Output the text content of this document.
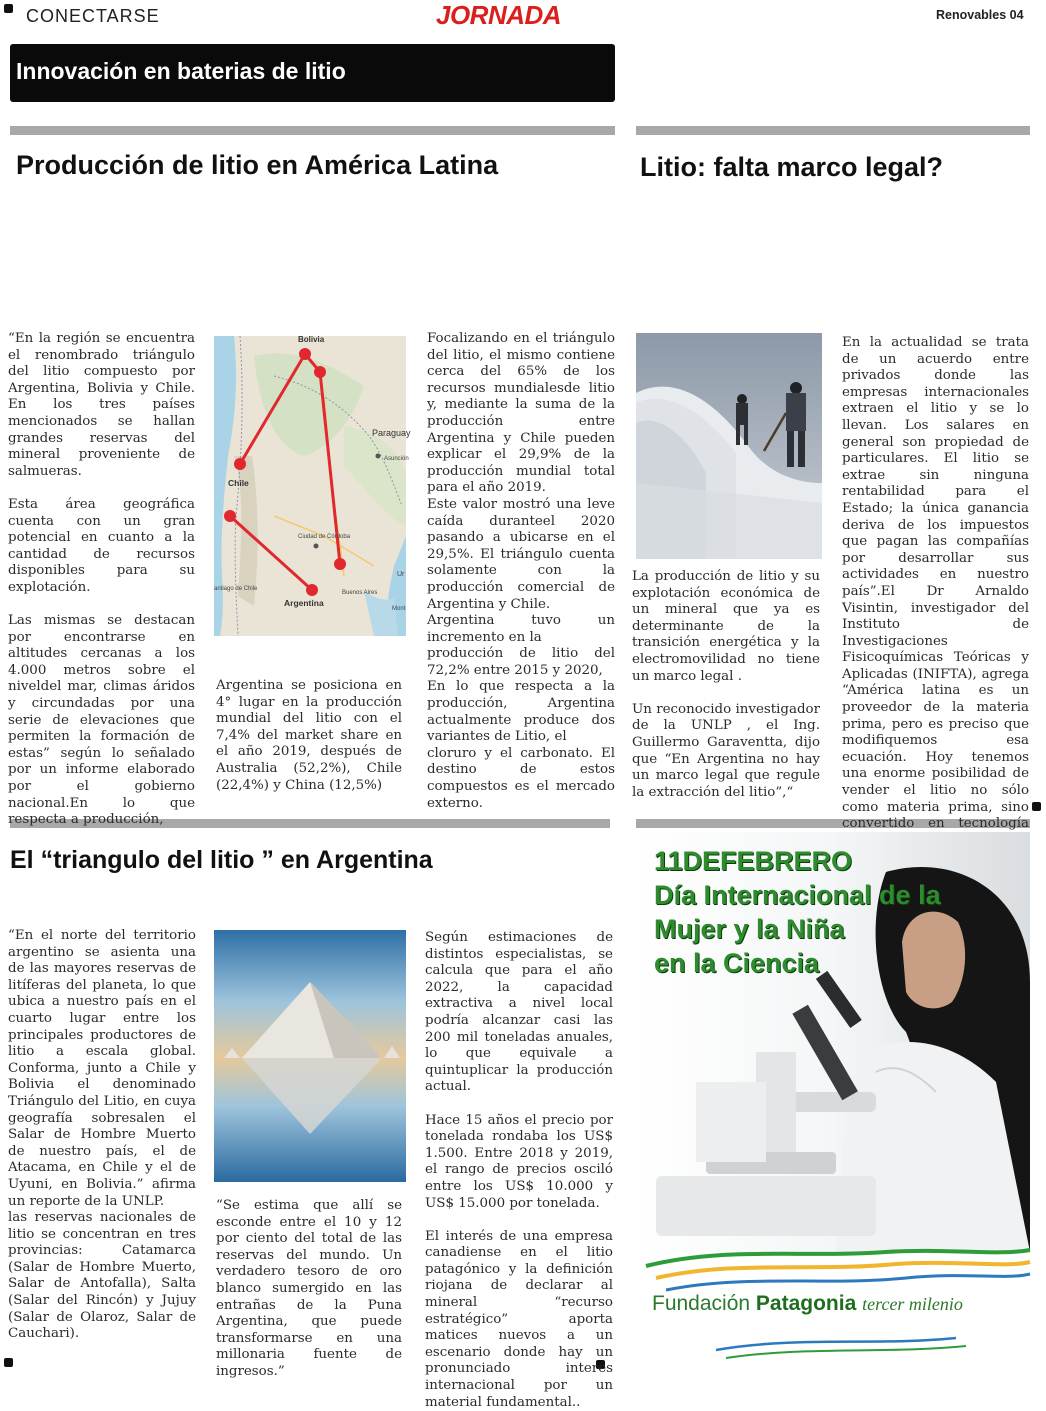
CONECTARSE	JORNADA	Renovables 04
Innovación en baterias de litio
Producción de litio en América Latina
“En la región se encuentra el renombrado triángulo del litio compuesto por Argentina, Bolivia y Chile. En los tres países mencionados se hallan grandes reservas del mineral proveniente de salmueras.

Esta área geográfica cuenta con un gran potencial en cuanto a la cantidad de recursos disponibles para su explotación.

Las mismas se destacan por encontrarse en altitudes cercanas a los 4.000 metros sobre el niveldel mar, climas áridos y circundadas por una serie de elevaciones que permiten la formación de estas” según lo señalado por un informe elaborado por el gobierno nacional.En lo que respecta a producción,
Bolivia
Paraguay
Asunción
Chile
Ciudad de Córdoba
antiago de Chile
Argentina
Buenos Aires
Mont
Ur
Argentina se posiciona en 4° lugar en la producción mundial del litio con el 7,4% del market share en el año 2019, después de Australia (52,2%), Chile (22,4%) y China (12,5%)
Focalizando en el triángulo del litio, el mismo contiene cerca del 65% de los recursos mundialesde litio y, mediante la suma de la producción entre Argentina y Chile pueden explicar el 29,9% de la producción mundial total para el año 2019.
Este valor mostró una leve caída duranteel 2020 pasando a ubicarse en el 29,5%. El triángulo cuenta solamente con la producción comercial de Argentina y Chile.
Argentina tuvo un incremento en la
producción de litio del 72,2% entre 2015 y 2020,
En lo que respecta a la producción, Argentina actualmente produce dos variantes de Litio, el
cloruro y el carbonato. El destino de estos compuestos es el mercado externo.
Litio: falta marco legal?
La producción de litio y su explotación económica de un mineral que ya es determinante de la transición energética y la electromovilidad no tiene un marco legal .

Un reconocido investigador de la UNLP , el Ing. Guillermo Garaventta, dijo que “En Argentina no hay un marco legal que regule la extracción del litio”,“
En la actualidad se trata de un acuerdo entre privados donde las empresas internacionales extraen el litio y se lo llevan. Los salares en general son propiedad de particulares. El litio se extrae sin ninguna rentabilidad para el Estado; la única ganancia deriva de los impuestos que pagan las compañías por desarrollar sus actividades en nuestro país”.El Dr Arnaldo Visintin, investigador del Instituto de Investigaciones Fisicoquímicas Teóricas y Aplicadas (INIFTA), agrega “América latina es un proveedor de la materia prima, pero es preciso que modifiquemos esa ecuación. Hoy tenemos una enorme posibilidad de vender el litio no sólo como materia prima, sino convertido en tecnología
El “triangulo del litio ” en Argentina
“En el norte del territorio argentino se asienta una de las mayores reservas de litíferas del planeta, lo que ubica a nuestro país en el cuarto lugar entre los principales productores de litio a escala global. Conforma, junto a Chile y Bolivia el denominado Triángulo del Litio, en cuya geografía sobresalen el Salar de Hombre Muerto de nuestro país, el de Atacama, en Chile y el de Uyuni, en Bolivia.” afirma un reporte de la UNLP.
las reservas nacionales de litio se concentran en tres provincias: Catamarca (Salar de Hombre Muerto, Salar de Antofalla), Salta (Salar del Rincón) y Jujuy (Salar de Olaroz, Salar de Cauchari).
“Se estima que allí se esconde entre el 10 y 12 por ciento del total de las reservas del mundo. Un verdadero tesoro de oro blanco sumergido en las entrañas de la Puna Argentina, que puede transformarse en una millonaria fuente de ingresos.”
Según estimaciones de distintos especialistas, se calcula que para el año 2022, la capacidad extractiva a nivel local podría alcanzar casi las 200 mil toneladas anuales, lo que equivale a quintuplicar la producción actual.

Hace 15 años el precio por tonelada rondaba los US$ 1.500. Entre 2018 y 2019, el rango de precios osciló entre los US$ 10.000 y US$ 15.000 por tonelada.

El interés de una empresa canadiense en el litio patagónico y la definición riojana de declarar al mineral “recurso estratégico” aporta matices nuevos a un escenario donde hay un pronunciado interes internacional por un material fundamental..
11DEFEBRERO
Día Internacional de la
Mujer y la Niña
en la Ciencia
Fundación Patagonia tercer milenio
